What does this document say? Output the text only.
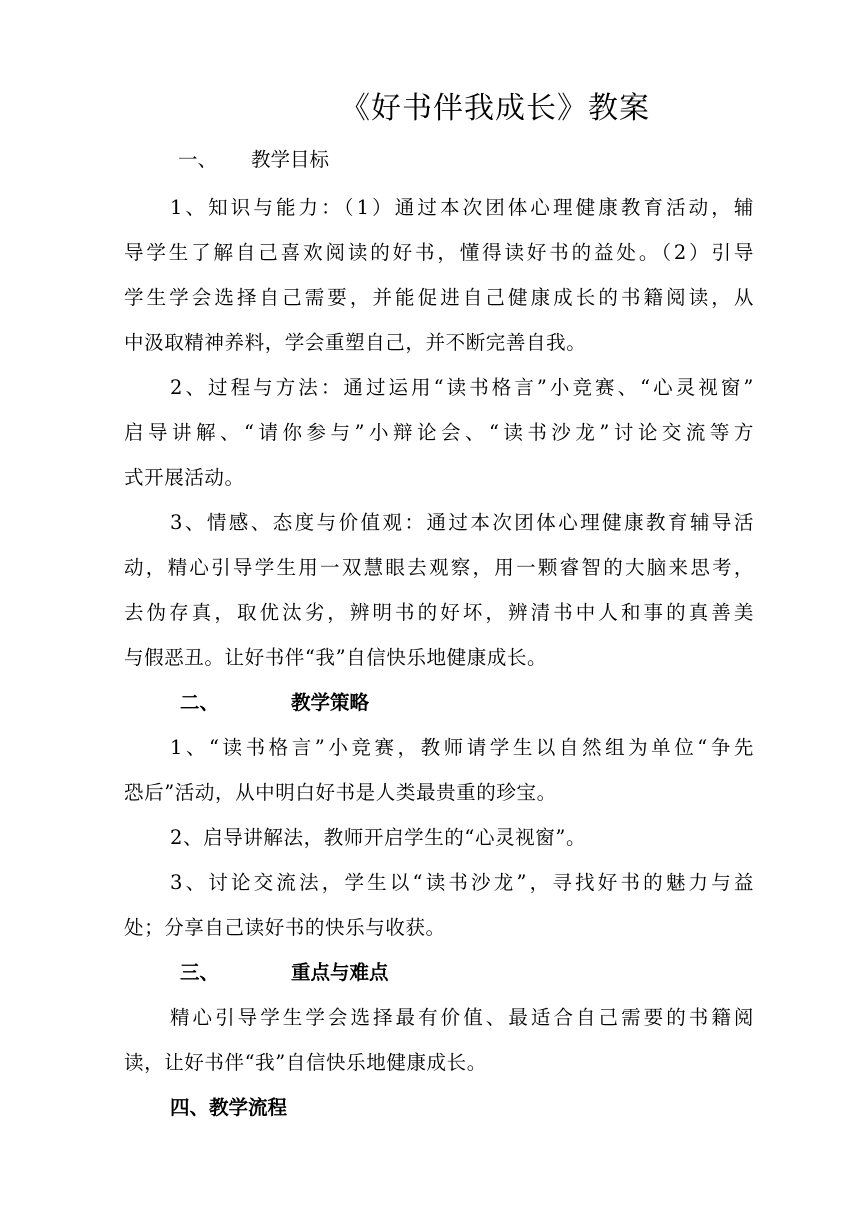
《好书伴我成长》教案
一、 教学目标
1、知识与能力：（1）通过本次团体心理健康教育活动，辅
导学生了解自己喜欢阅读的好书，懂得读好书的益处。（2）引导
学生学会选择自己需要，并能促进自己健康成长的书籍阅读，从
中汲取精神养料，学会重塑自己，并不断完善自我。
2、过程与方法：通过运用“读书格言”小竞赛、“心灵视窗”
启导讲解、“请你参与”小辩论会、“读书沙龙”讨论交流等方
式开展活动。
3、情感、态度与价值观：通过本次团体心理健康教育辅导活
动，精心引导学生用一双慧眼去观察，用一颗睿智的大脑来思考，
去伪存真，取优汰劣，辨明书的好坏，辨清书中人和事的真善美
与假恶丑。让好书伴“我”自信快乐地健康成长。
二、	教学策略
1、“读书格言”小竞赛，教师请学生以自然组为单位“争先
恐后”活动，从中明白好书是人类最贵重的珍宝。
2、启导讲解法，教师开启学生的“心灵视窗”。
3、讨论交流法，学生以“读书沙龙”，寻找好书的魅力与益
处；分享自己读好书的快乐与收获。
三、	重点与难点
精心引导学生学会选择最有价值、最适合自己需要的书籍阅
读，让好书伴“我”自信快乐地健康成长。
四、教学流程
